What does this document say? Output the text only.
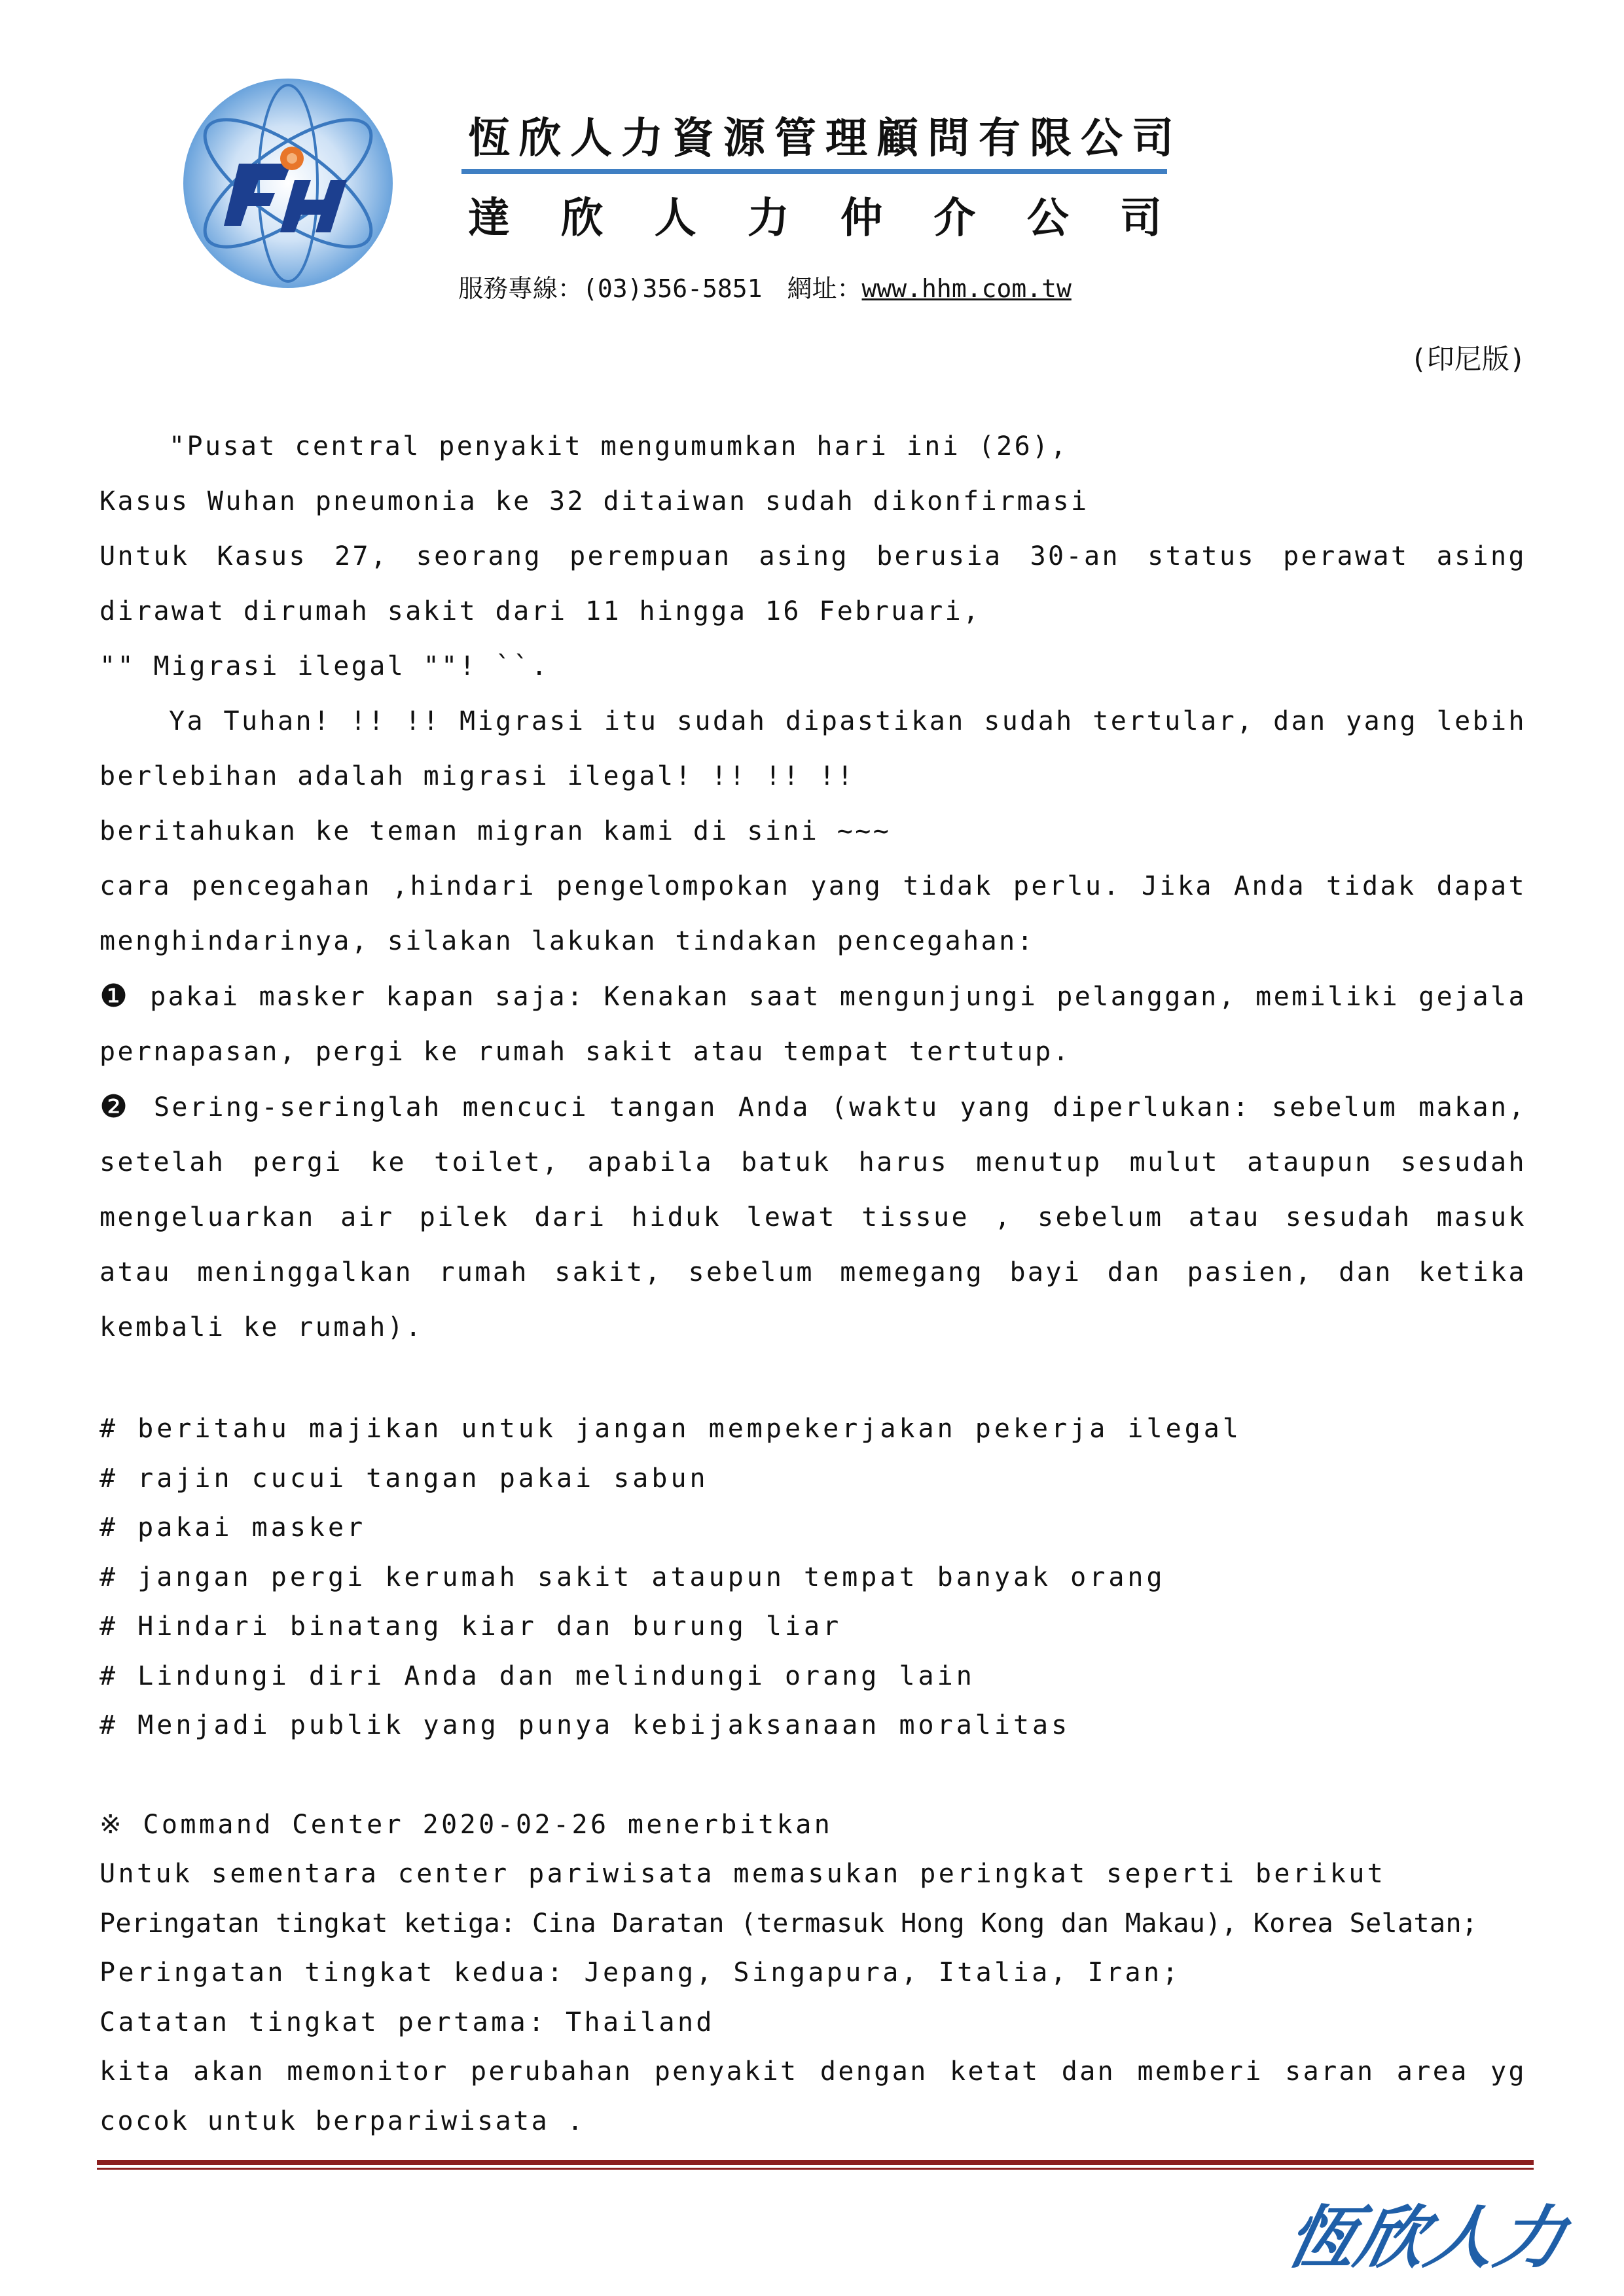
恆欣人力資源管理顧問有限公司
達 欣 人 力 仲 介 公 司
服務專線：(03)356-5851　網址：www.hhm.com.tw
(印尼版)

"Pusat central penyakit mengumumkan hari ini (26),

Kasus Wuhan pneumonia ke 32 ditaiwan sudah dikonfirmasi

Untuk Kasus 27, seorang perempuan asing berusia 30-an status perawat asing dirawat dirumah sakit dari 11 hingga 16 Februari,

"" Migrasi ilegal ""! ``.

Ya Tuhan! !! !! Migrasi itu sudah dipastikan sudah tertular, dan yang lebih berlebihan adalah migrasi ilegal! !! !! !!

beritahukan ke teman migran kami di sini ~~~

cara pencegahan ,hindari pengelompokan yang tidak perlu. Jika Anda tidak dapat menghindarinya, silakan lakukan tindakan pencegahan:

❶ pakai masker kapan saja: Kenakan saat mengunjungi pelanggan, memiliki gejala pernapasan, pergi ke rumah sakit atau tempat tertutup.

❷ Sering-seringlah mencuci tangan Anda (waktu yang diperlukan: sebelum makan, setelah pergi ke toilet, apabila batuk harus menutup mulut ataupun sesudah mengeluarkan air pilek dari hiduk lewat tissue , sebelum atau sesudah masuk atau meninggalkan rumah sakit, sebelum memegang bayi dan pasien, dan ketika kembali ke rumah).

# beritahu majikan untuk jangan mempekerjakan pekerja ilegal

# rajin cucui tangan pakai sabun

# pakai masker

# jangan pergi kerumah sakit ataupun tempat banyak orang

# Hindari binatang kiar dan burung liar

# Lindungi diri Anda dan melindungi orang lain

# Menjadi publik yang punya kebijaksanaan moralitas

※ Command Center 2020-02-26 menerbitkan

Untuk sementara center pariwisata memasukan peringkat seperti berikut

Peringatan tingkat ketiga: Cina Daratan (termasuk Hong Kong dan Makau), Korea Selatan;

Peringatan tingkat kedua: Jepang, Singapura, Italia, Iran;

Catatan tingkat pertama: Thailand

kita akan memonitor perubahan penyakit dengan ketat dan memberi saran area yg cocok untuk berpariwisata .

恆欣人力
